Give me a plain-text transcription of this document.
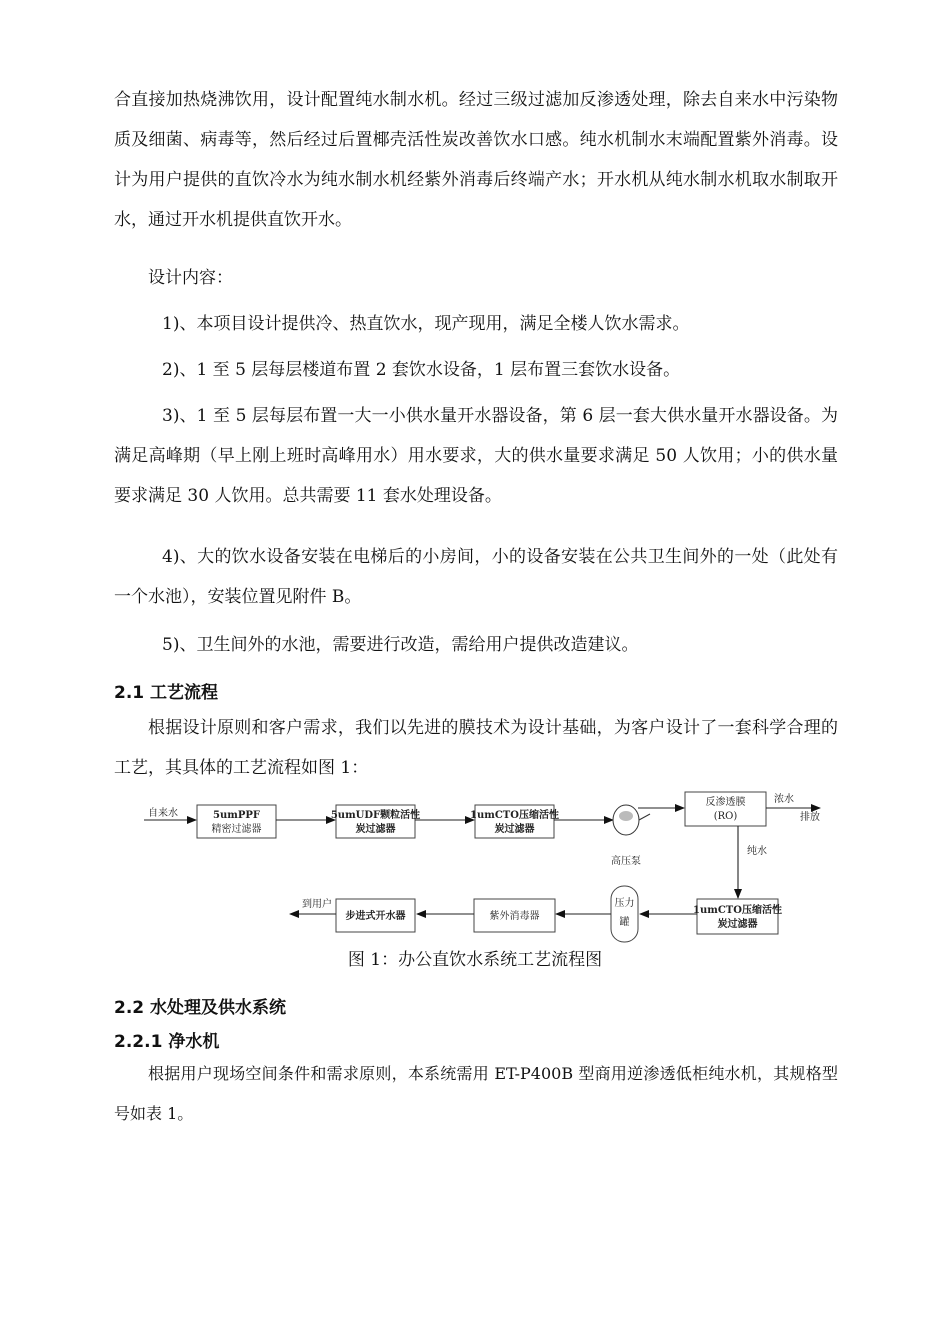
合直接加热烧沸饮用，设计配置纯水制水机。经过三级过滤加反渗透处理，除去自来水中污染物质及细菌、病毒等，然后经过后置椰壳活性炭改善饮水口感。纯水机制水末端配置紫外消毒。设计为用户提供的直饮冷水为纯水制水机经紫外消毒后终端产水；开水机从纯水制水机取水制取开水，通过开水机提供直饮开水。

设计内容：

1)、本项目设计提供冷、热直饮水，现产现用，满足全楼人饮水需求。

2)、1 至 5 层每层楼道布置 2 套饮水设备，1 层布置三套饮水设备。

3)、1 至 5 层每层布置一大一小供水量开水器设备，第 6 层一套大供水量开水器设备。为满足高峰期（早上刚上班时高峰用水）用水要求，大的供水量要求满足 50 人饮用；小的供水量要求满足 30 人饮用。总共需要 11 套水处理设备。

4)、大的饮水设备安装在电梯后的小房间，小的设备安装在公共卫生间外的一处（此处有一个水池），安装位置见附件 B。

5)、卫生间外的水池，需要进行改造，需给用户提供改造建议。

2.1 工艺流程

根据设计原则和客户需求，我们以先进的膜技术为设计基础，为客户设计了一套科学合理的工艺，其具体的工艺流程如图 1：

自来水	5umPPF
精密过滤器
5umUDF颗粒活性
炭过滤器
1umCTO压缩活性
炭过滤器
高压泵
反渗透膜
(RO)
浓水
排放
纯水
1umCTO压缩活性
炭过滤器
压力
罐
紫外消毒器
步进式开水器
到用户
图 1：办公直饮水系统工艺流程图
2.2 水处理及供水系统
2.2.1 净水机

根据用户现场空间条件和需求原则，本系统需用 ET-P400B 型商用逆渗透低柜纯水机，其规格型号如表 1。
